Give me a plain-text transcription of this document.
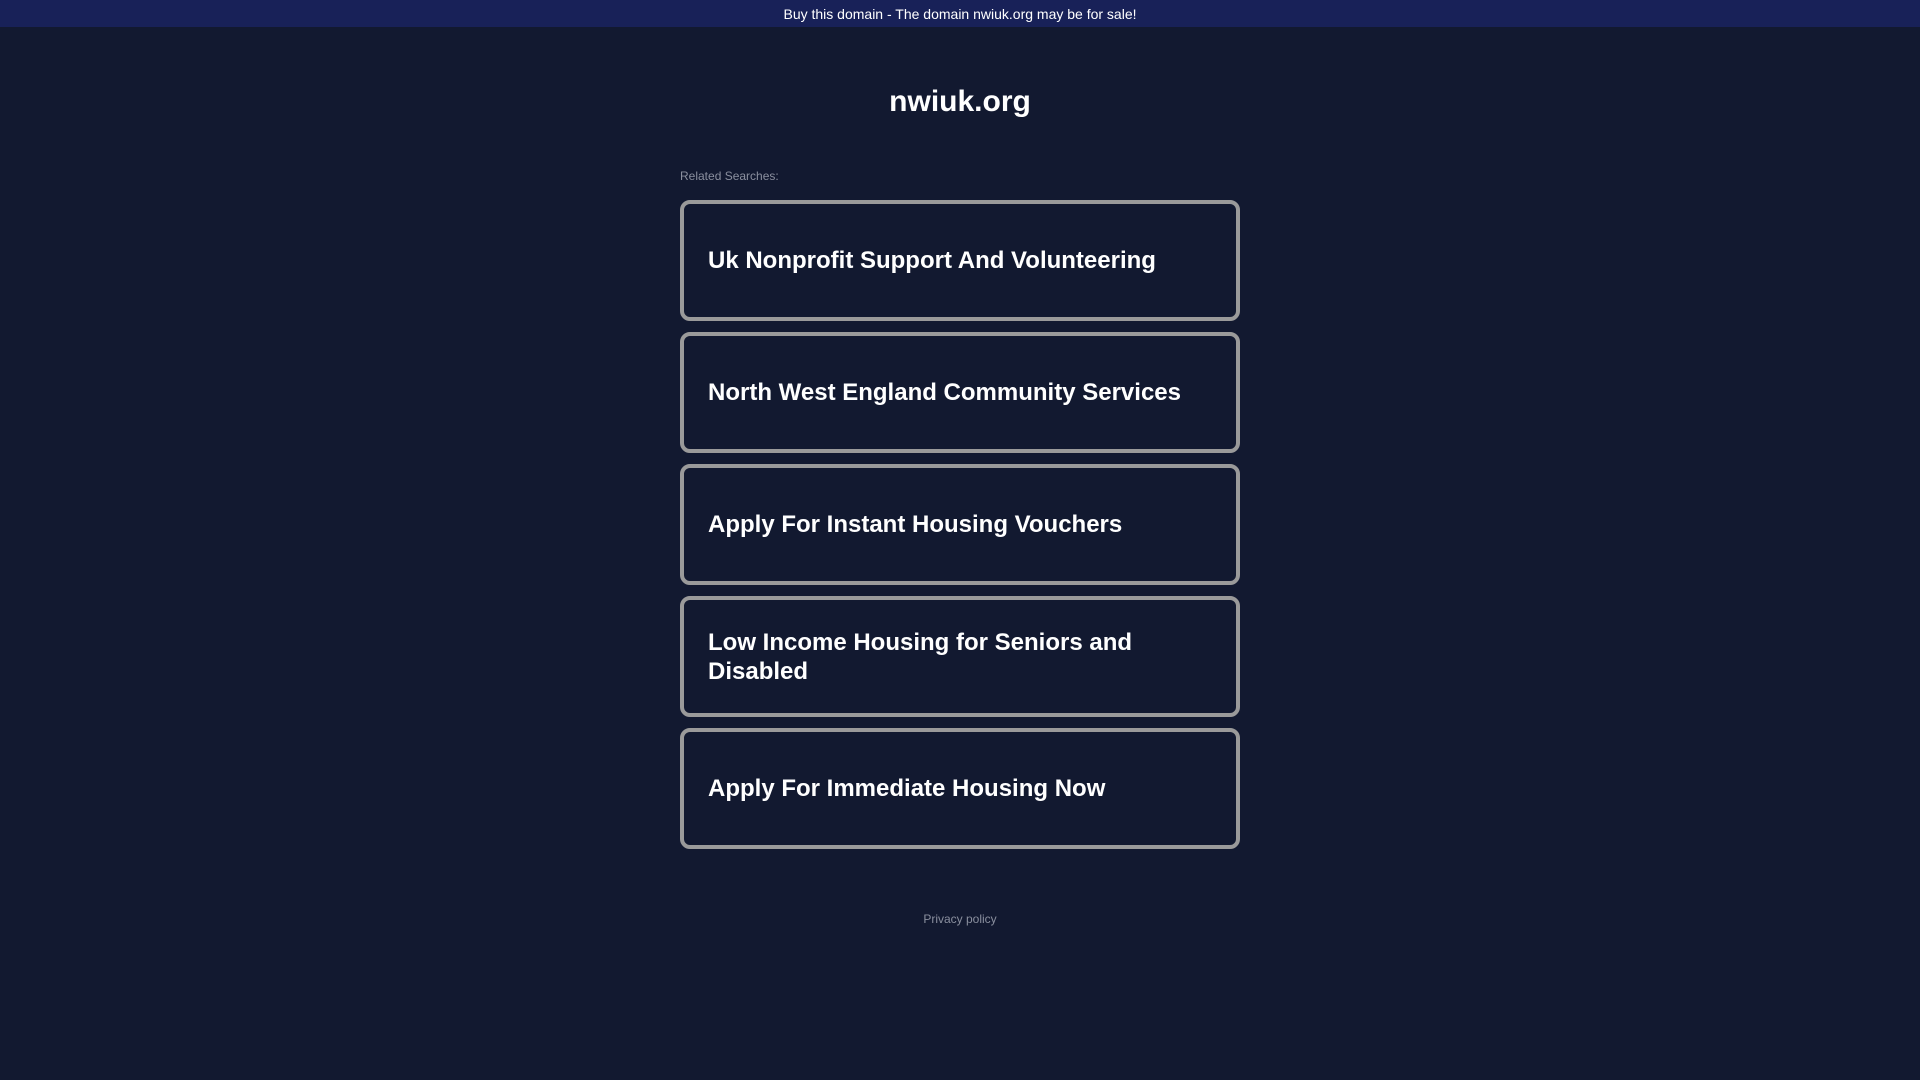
Buy this domain - The domain nwiuk.org may be for sale!
nwiuk.org
Related Searches:
Uk Nonprofit Support And Volunteering
North West England Community Services
Apply For Instant Housing Vouchers
Low Income Housing for Seniors and Disabled
Apply For Immediate Housing Now
Privacy policy
